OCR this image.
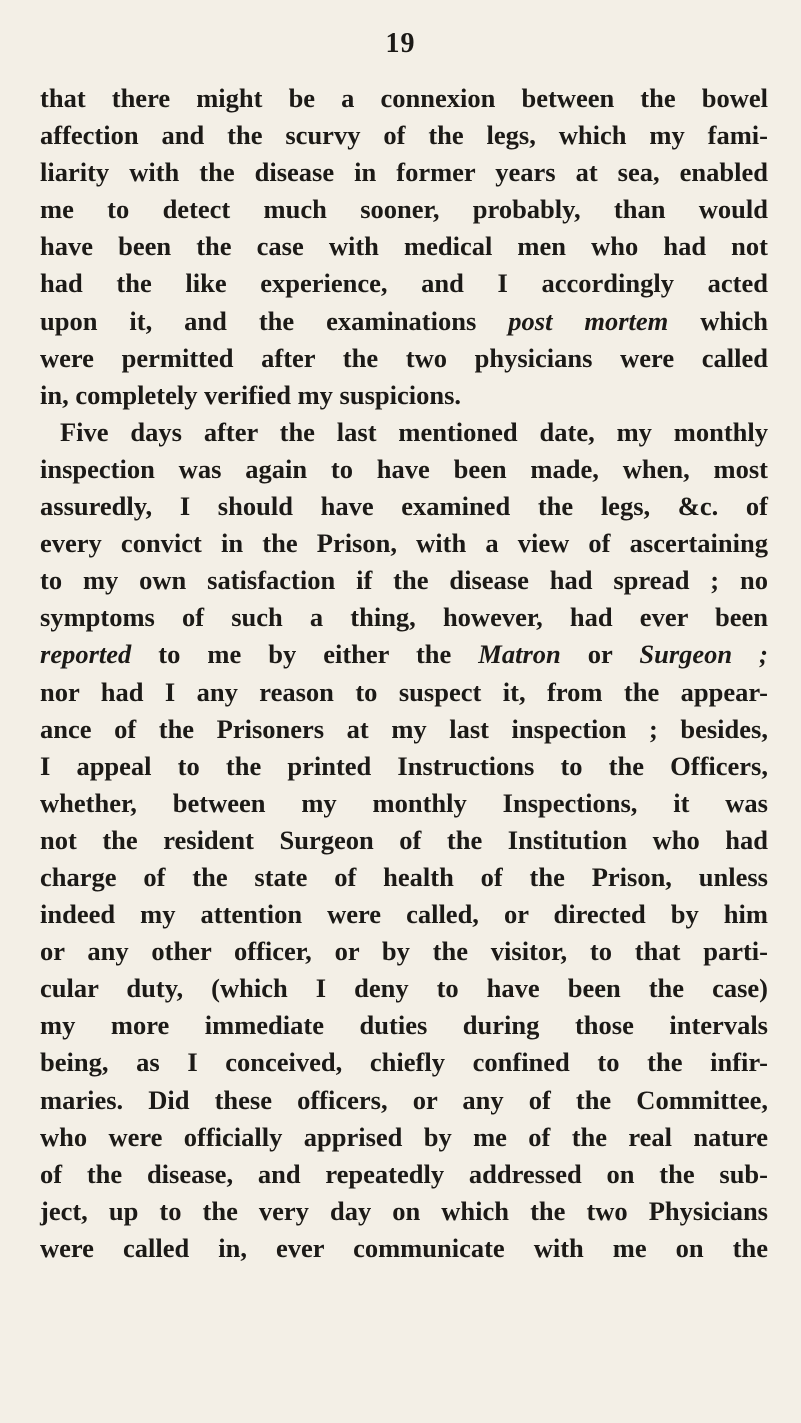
19
that there might be a connexion between the bowel
affection and the scurvy of the legs, which my fami-
liarity with the disease in former years at sea, enabled
me to detect much sooner, probably, than would
have been the case with medical men who had not
had the like experience, and I accordingly acted
upon it, and the examinations post mortem which
were permitted after the two physicians were called
in, completely verified my suspicions.
Five days after the last mentioned date, my monthly
inspection was again to have been made, when, most
assuredly, I should have examined the legs, &c. of
every convict in the Prison, with a view of ascertaining
to my own satisfaction if the disease had spread ; no
symptoms of such a thing, however, had ever been
reported to me by either the Matron or Surgeon ;
nor had I any reason to suspect it, from the appear-
ance of the Prisoners at my last inspection ; besides,
I appeal to the printed Instructions to the Officers,
whether, between my monthly Inspections, it was
not the resident Surgeon of the Institution who had
charge of the state of health of the Prison, unless
indeed my attention were called, or directed by him
or any other officer, or by the visitor, to that parti-
cular duty, (which I deny to have been the case)
my more immediate duties during those intervals
being, as I conceived, chiefly confined to the infir-
maries. Did these officers, or any of the Committee,
who were officially apprised by me of the real nature
of the disease, and repeatedly addressed on the sub-
ject, up to the very day on which the two Physicians
were called in, ever communicate with me on the
